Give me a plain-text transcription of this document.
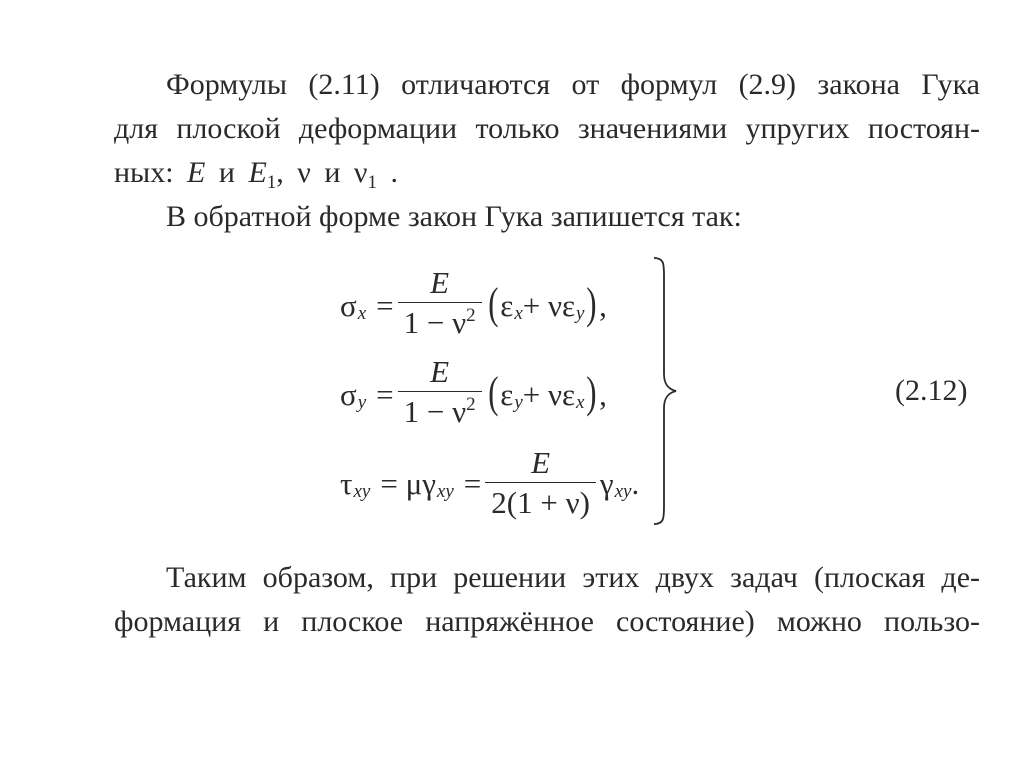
Формулы (2.11) отличаются от формул (2.9) закона Гука
для плоской деформации только значениями упругих постоян-
ных: E и $E_1$, ν и $\nu_1$ .
В обратной форме закон Гука запишется так:
σ $x = \frac{E}{1 - \nu^2}$ ( ε x + νε y ) ,
σ $y = \frac{E}{1 - \nu^2}$ ( ε y + νε x ) ,
τ xy = μγ xy = $\frac{E}{2(1 + \nu)}$ γ xy .
(2.12)
Таким образом, при решении этих двух задач (плоская де-
формация и плоское напряжённое состояние) можно пользо-
